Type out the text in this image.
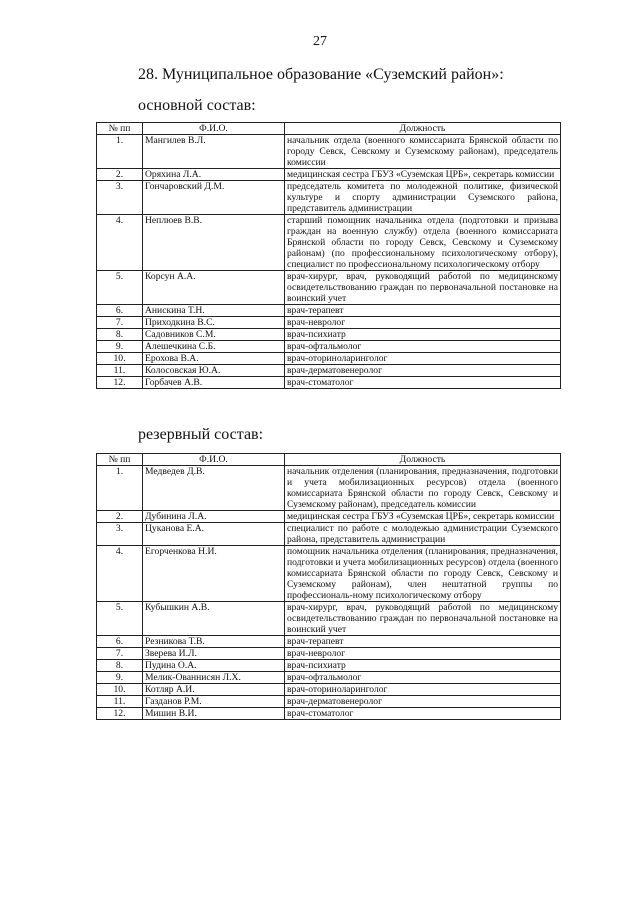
27
28. Муниципальное образование «Суземский район»:
основной состав:
№ пп	Ф.И.О.	Должность
1.	Мангилев В.Л.	начальник отдела (военного комиссариата Брянской области по городу Севск, Севскому и Суземскому районам), председатель комиссии
2.	Оряхина Л.А.	медицинская сестра ГБУЗ «Суземская ЦРБ», секретарь комиссии
3.	Гончаровский Д.М.	председатель комитета по молодежной политике, физической культуре и спорту администрации Суземского района, представитель администрации
4.	Неплюев В.В.	старший помощник начальника отдела (подготовки и призыва граждан на военную службу) отдела (военного комиссариата Брянской области по городу Севск, Севскому и Суземскому районам) (по профессиональному психологическому отбору), специалист по профессиональному психологическому отбору
5.	Корсун А.А.	врач-хирург, врач, руководящий работой по медицинскому освидетельствованию граждан по первоначальной постановке на воинский учет
6.	Анискина Т.Н.	врач-терапевт
7.	Приходкина В.С.	врач-невролог
8.	Садовников С.М.	врач-психиатр
9.	Алешечкина С.Б.	врач-офтальмолог
10.	Ерохова В.А.	врач-оториноларинголог
11.	Колосовская Ю.А.	врач-дерматовенеролог
12.	Горбачев А.В.	врач-стоматолог
резервный состав:
№ пп	Ф.И.О.	Должность
1.	Медведев Д.В.	начальник отделения (планирования, предназначения, подготовки и учета мобилизационных ресурсов) отдела (военного комиссариата Брянской области по городу Севск, Севскому и Суземскому районам), председатель комиссии
2.	Дубинина Л.А.	медицинская сестра ГБУЗ «Суземская ЦРБ», секретарь комиссии
3.	Цуканова Е.А.	специалист по работе с молодежью администрации Суземского района, представитель администрации
4.	Егорченкова Н.И.	помощник начальника отделения (планирования, предназначения, подготовки и учета мобилизационных ресурсов) отдела (военного комиссариата Брянской области по городу Севск, Севскому и Суземскому районам), член нештатной группы по профессиональ-ному психологическому отбору
5.	Кубышкин А.В.	врач-хирург, врач, руководящий работой по медицинскому освидетельствованию граждан по первоначальной постановке на воинский учет
6.	Резникова Т.В.	врач-терапевт
7.	Зверева И.Л.	врач-невролог
8.	Пудина О.А.	врач-психиатр
9.	Мелик-Ованнисян Л.Х.	врач-офтальмолог
10.	Котляр А.И.	врач-оториноларинголог
11.	Газданов Р.М.	врач-дерматовенеролог
12.	Мишин В.И.	врач-стоматолог
